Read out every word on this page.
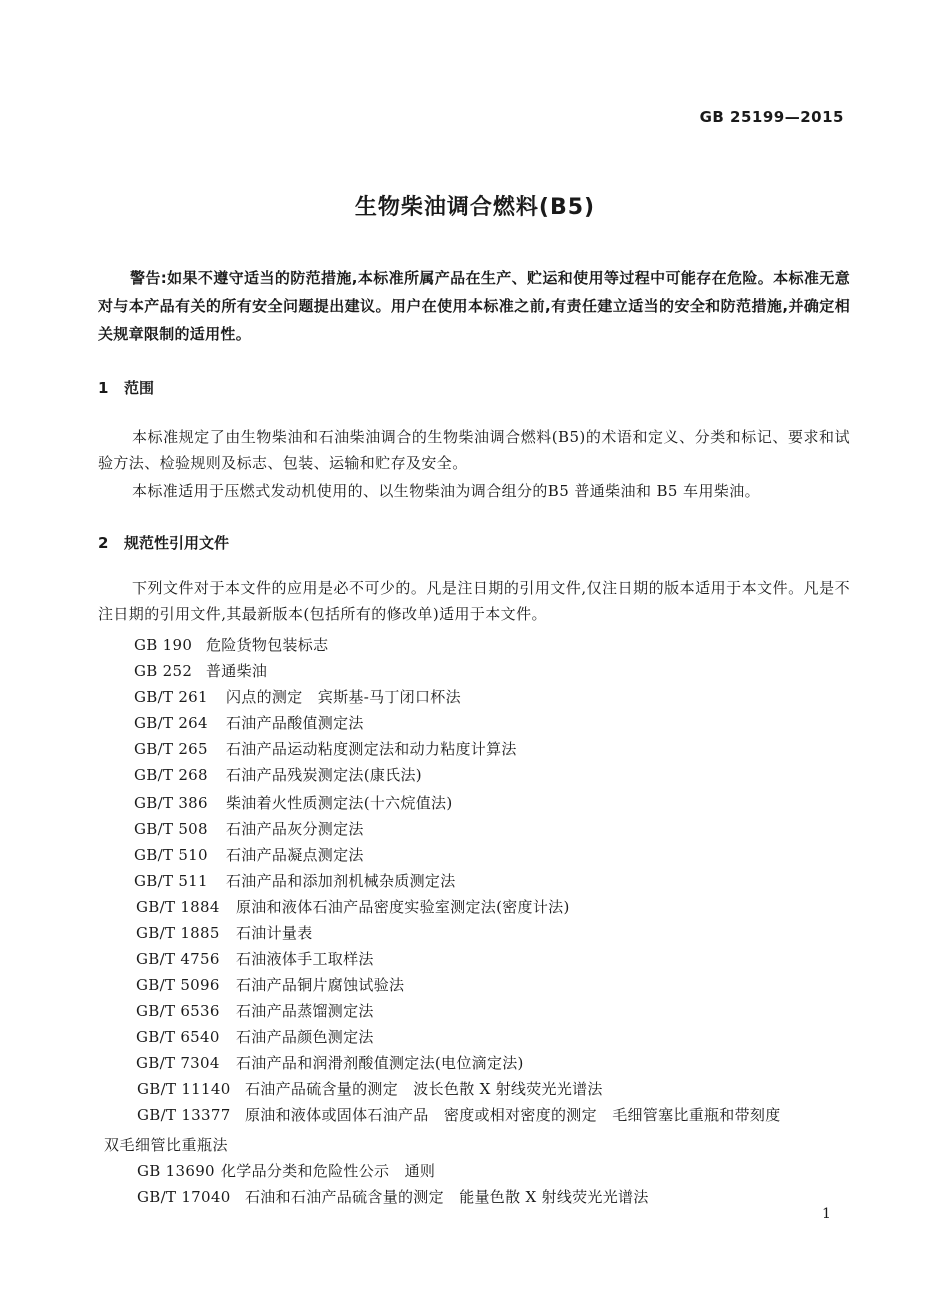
GB 25199—2015
生物柴油调合燃料(B5)
警告:如果不遵守适当的防范措施,本标准所属产品在生产、贮运和使用等过程中可能存在危险。本标准无意对与本产品有关的所有安全问题提出建议。用户在使用本标准之前,有责任建立适当的安全和防范措施,并确定相关规章限制的适用性。
1 范围
本标准规定了由生物柴油和石油柴油调合的生物柴油调合燃料(B5)的术语和定义、分类和标记、要求和试验方法、检验规则及标志、包装、运输和贮存及安全。
本标准适用于压燃式发动机使用的、以生物柴油为调合组分的B5 普通柴油和 B5 车用柴油。
2 规范性引用文件
下列文件对于本文件的应用是必不可少的。凡是注日期的引用文件,仅注日期的版本适用于本文件。凡是不注日期的引用文件,其最新版本(包括所有的修改单)适用于本文件。
GB 190 危险货物包装标志
GB 252 普通柴油
GB/T 261 闪点的测定　宾斯基-马丁闭口杯法
GB/T 264 石油产品酸值测定法
GB/T 265 石油产品运动粘度测定法和动力粘度计算法
GB/T 268 石油产品残炭测定法(康氏法)
GB/T 386 柴油着火性质测定法(十六烷值法)
GB/T 508 石油产品灰分测定法
GB/T 510 石油产品凝点测定法
GB/T 511 石油产品和添加剂机械杂质测定法
GB/T 1884 原油和液体石油产品密度实验室测定法(密度计法)
GB/T 1885 石油计量表
GB/T 4756 石油液体手工取样法
GB/T 5096 石油产品铜片腐蚀试验法
GB/T 6536 石油产品蒸馏测定法
GB/T 6540 石油产品颜色测定法
GB/T 7304 石油产品和润滑剂酸值测定法(电位滴定法)
GB/T 11140 石油产品硫含量的测定　波长色散 X 射线荧光光谱法
GB/T 13377 原油和液体或固体石油产品　密度或相对密度的测定　毛细管塞比重瓶和带刻度
双毛细管比重瓶法
GB 13690 化学品分类和危险性公示　通则
GB/T 17040 石油和石油产品硫含量的测定　能量色散 X 射线荧光光谱法
1
